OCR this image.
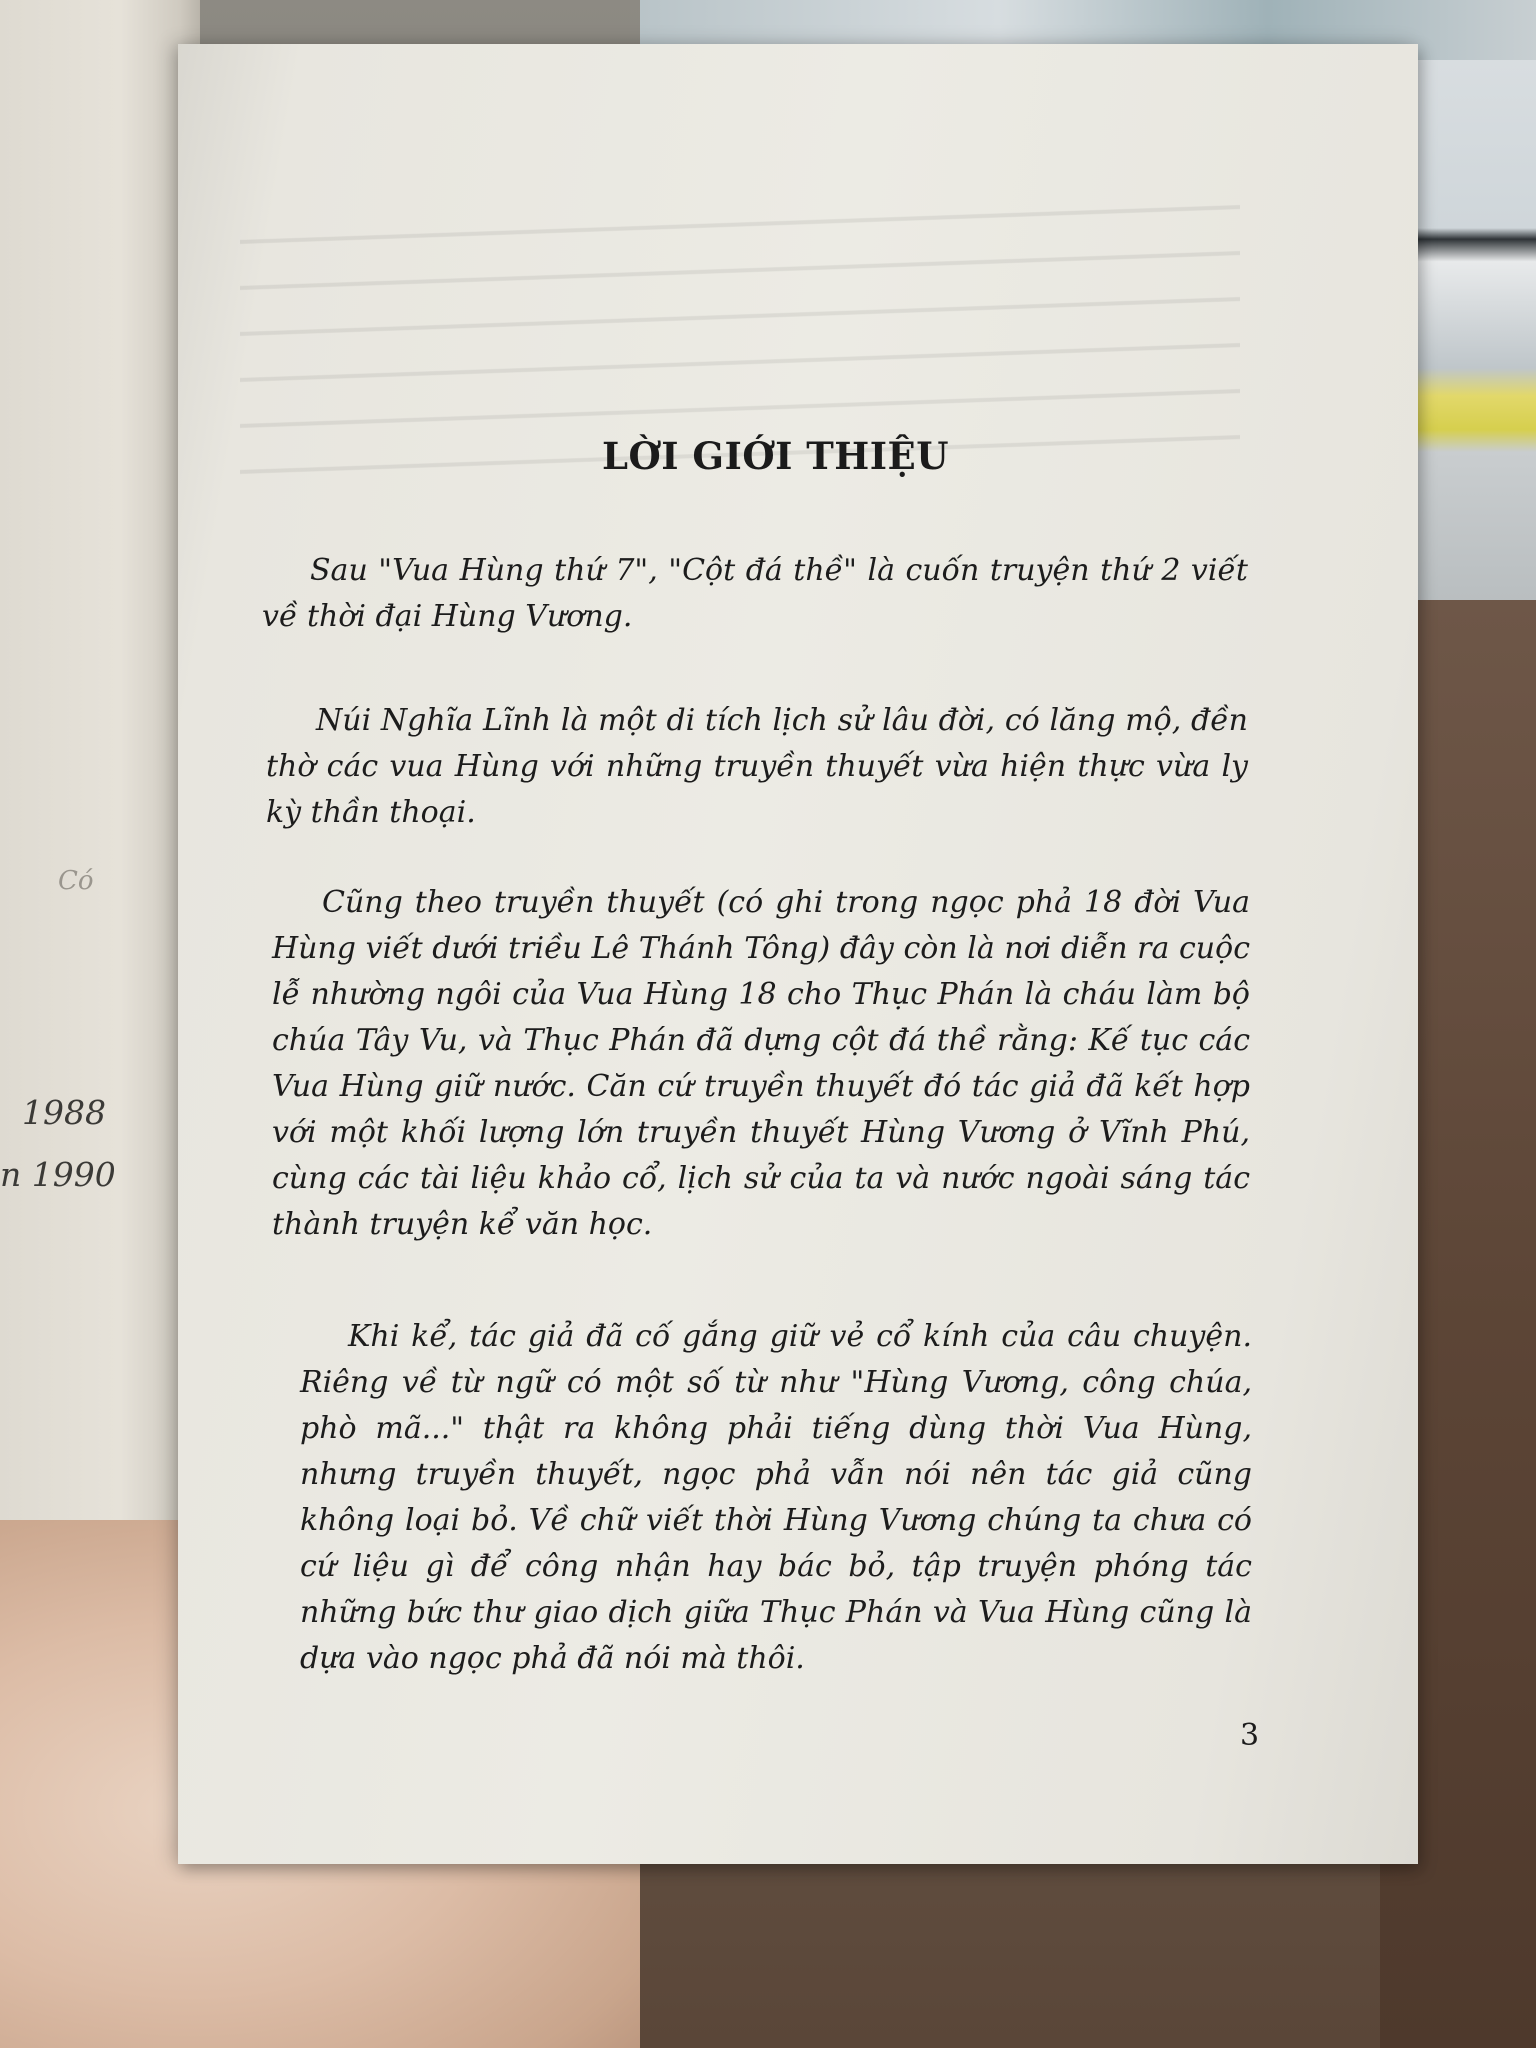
Có
1988
n 1990
LỜI GIỚI THIỆU

Sau "Vua Hùng thứ 7", "Cột đá thề" là cuốn truyện thứ 2 viết về thời đại Hùng Vương.

Núi Nghĩa Lĩnh là một di tích lịch sử lâu đời, có lăng mộ, đền thờ các vua Hùng với những truyền thuyết vừa hiện thực vừa ly kỳ thần thoại.

Cũng theo truyền thuyết (có ghi trong ngọc phả 18 đời Vua Hùng viết dưới triều Lê Thánh Tông) đây còn là nơi diễn ra cuộc lễ nhường ngôi của Vua Hùng 18 cho Thục Phán là cháu làm bộ chúa Tây Vu, và Thục Phán đã dựng cột đá thề rằng: Kế tục các Vua Hùng giữ nước. Căn cứ truyền thuyết đó tác giả đã kết hợp với một khối lượng lớn truyền thuyết Hùng Vương ở Vĩnh Phú, cùng các tài liệu khảo cổ, lịch sử của ta và nước ngoài sáng tác thành truyện kể văn học.

Khi kể, tác giả đã cố gắng giữ vẻ cổ kính của câu chuyện. Riêng về từ ngữ có một số từ như "Hùng Vương, công chúa, phò mã..." thật ra không phải tiếng dùng thời Vua Hùng, nhưng truyền thuyết, ngọc phả vẫn nói nên tác giả cũng không loại bỏ. Về chữ viết thời Hùng Vương chúng ta chưa có cứ liệu gì để công nhận hay bác bỏ, tập truyện phóng tác những bức thư giao dịch giữa Thục Phán và Vua Hùng cũng là dựa vào ngọc phả đã nói mà thôi.

3
